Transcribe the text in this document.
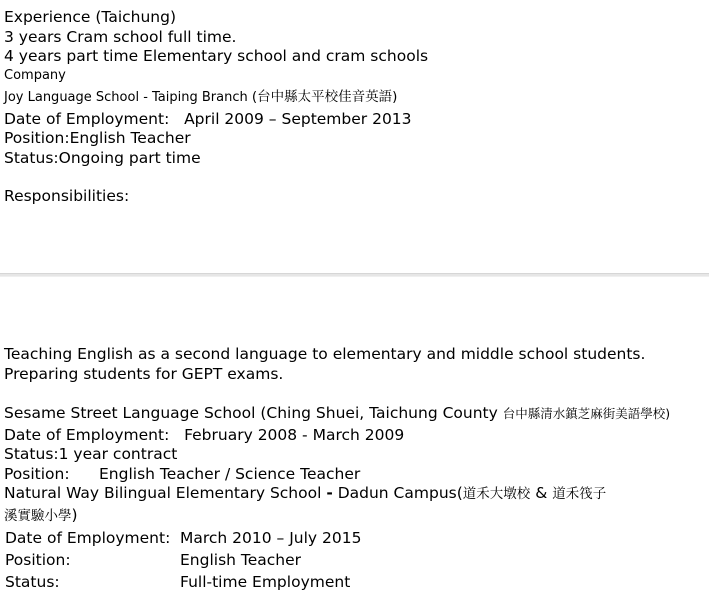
Experience (Taichung)
3 years Cram school full time.
4 years part time Elementary school and cram schools
Company
Joy Language School - Taiping Branch (台中縣太平校佳音英語)
Date of Employment: April 2009 – September 2013
Position:English Teacher
Status:Ongoing part time
Responsibilities:
Teaching English as a second language to elementary and middle school students.
Preparing students for GEPT exams.
Sesame Street Language School (Ching Shuei, Taichung County 台中縣清水鎮芝麻街美語學校)
Date of Employment: February 2008 - March 2009
Status:1 year contract
Position: English Teacher / Science Teacher
Natural Way Bilingual Elementary School - Dadun Campus(道禾大墩校 & 道禾筏子
溪實驗小學)
Date of Employment: March 2010 – July 2015
Position:	English Teacher
Status:	Full-time Employment
